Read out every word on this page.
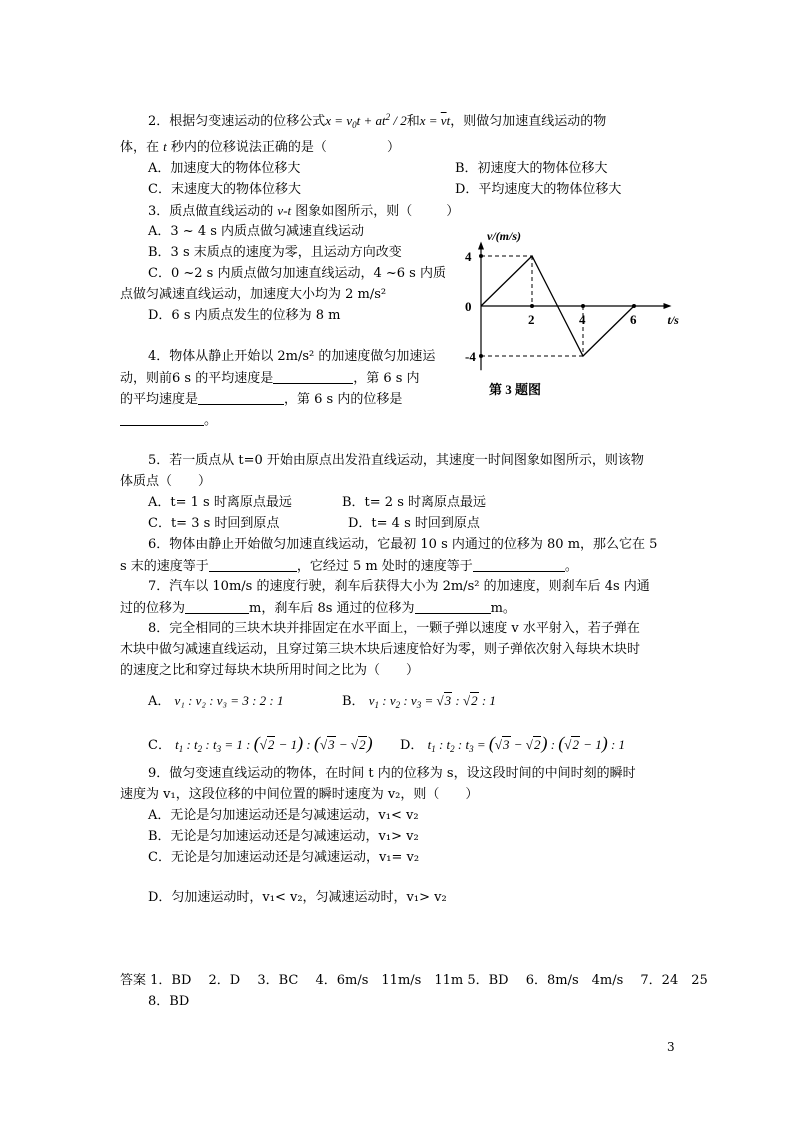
2．根据匀变速运动的位移公式$x = v_0t + at^2 / 2$和$x = \overline{v}t$，则做匀加速直线运动的物
体，在 t 秒内的位移说法正确的是（	）
A．加速度大的物体位移大	B．初速度大的物体位移大
C．末速度大的物体位移大	D．平均速度大的物体位移大
3．质点做直线运动的 v-t 图象如图所示，则（	）
A．3 ~ 4 s 内质点做匀减速直线运动
B．3 s 末质点的速度为零，且运动方向改变
C．0 ~2 s 内质点做匀加速直线运动，4 ~6 s 内质
点做匀减速直线运动，加速度大小均为 2 m/s²
D．6 s 内质点发生的位移为 8 m
4
0
-4
2	4	6
v/(m/s)
t/s
第 3 题图
4．物体从静止开始以 2m/s² 的加速度做匀加速运
动，则前6 s 的平均速度是	，第 6 s 内
的平均速度是	，第 6 s 内的位移是
。
5．若一质点从 t=0 开始由原点出发沿直线运动，其速度一时间图象如图所示，则该物
体质点（　　）
A．t= 1 s 时离原点最远	B．t= 2 s 时离原点最远
C．t= 3 s 时回到原点	D．t= 4 s 时回到原点
6．物体由静止开始做匀加速直线运动，它最初 10 s 内通过的位移为 80 m，那么它在 5
s 末的速度等于	，它经过 5 m 处时的速度等于	。
7．汽车以 10m/s 的速度行驶，刹车后获得大小为 2m/s² 的加速度，则刹车后 4s 内通
过的位移为	m，刹车后 8s 通过的位移为	m。
8．完全相同的三块木块并排固定在水平面上，一颗子弹以速度 v 水平射入，若子弹在
木块中做匀减速直线运动，且穿过第三块木块后速度恰好为零，则子弹依次射入每块木块时
的速度之比和穿过每块木块所用时间之比为（　　）
A． v₁ : v₂ : v₃ = 3 : 2 : 1	B． $v_1$ : $v_2$ : $v_3 = √3$ : √2 : 1
C． $t_1$ : $t_2$ : $t_3 = 1$ : (√2 − 1) : (√3 − √2) D． $t_1$ : $t_2$ : $t_3 = (√3 - √2)$ : (√2 − 1) : 1
9．做匀变速直线运动的物体，在时间 t 内的位移为 s，设这段时间的中间时刻的瞬时
速度为 v₁，这段位移的中间位置的瞬时速度为 v₂，则（　　）
A．无论是匀加速运动还是匀减速运动，v₁< v₂
B．无论是匀加速运动还是匀减速运动，v₁> v₂
C．无论是匀加速运动还是匀减速运动，v₁= v₂
D．匀加速运动时，v₁< v₂，匀减速运动时，v₁> v₂
答案 1．BD　 2．D　 3．BC　 4．6m/s　11m/s　11m 5．BD　 6．8m/s　4m/s　 7．24　25
8．BD
3
